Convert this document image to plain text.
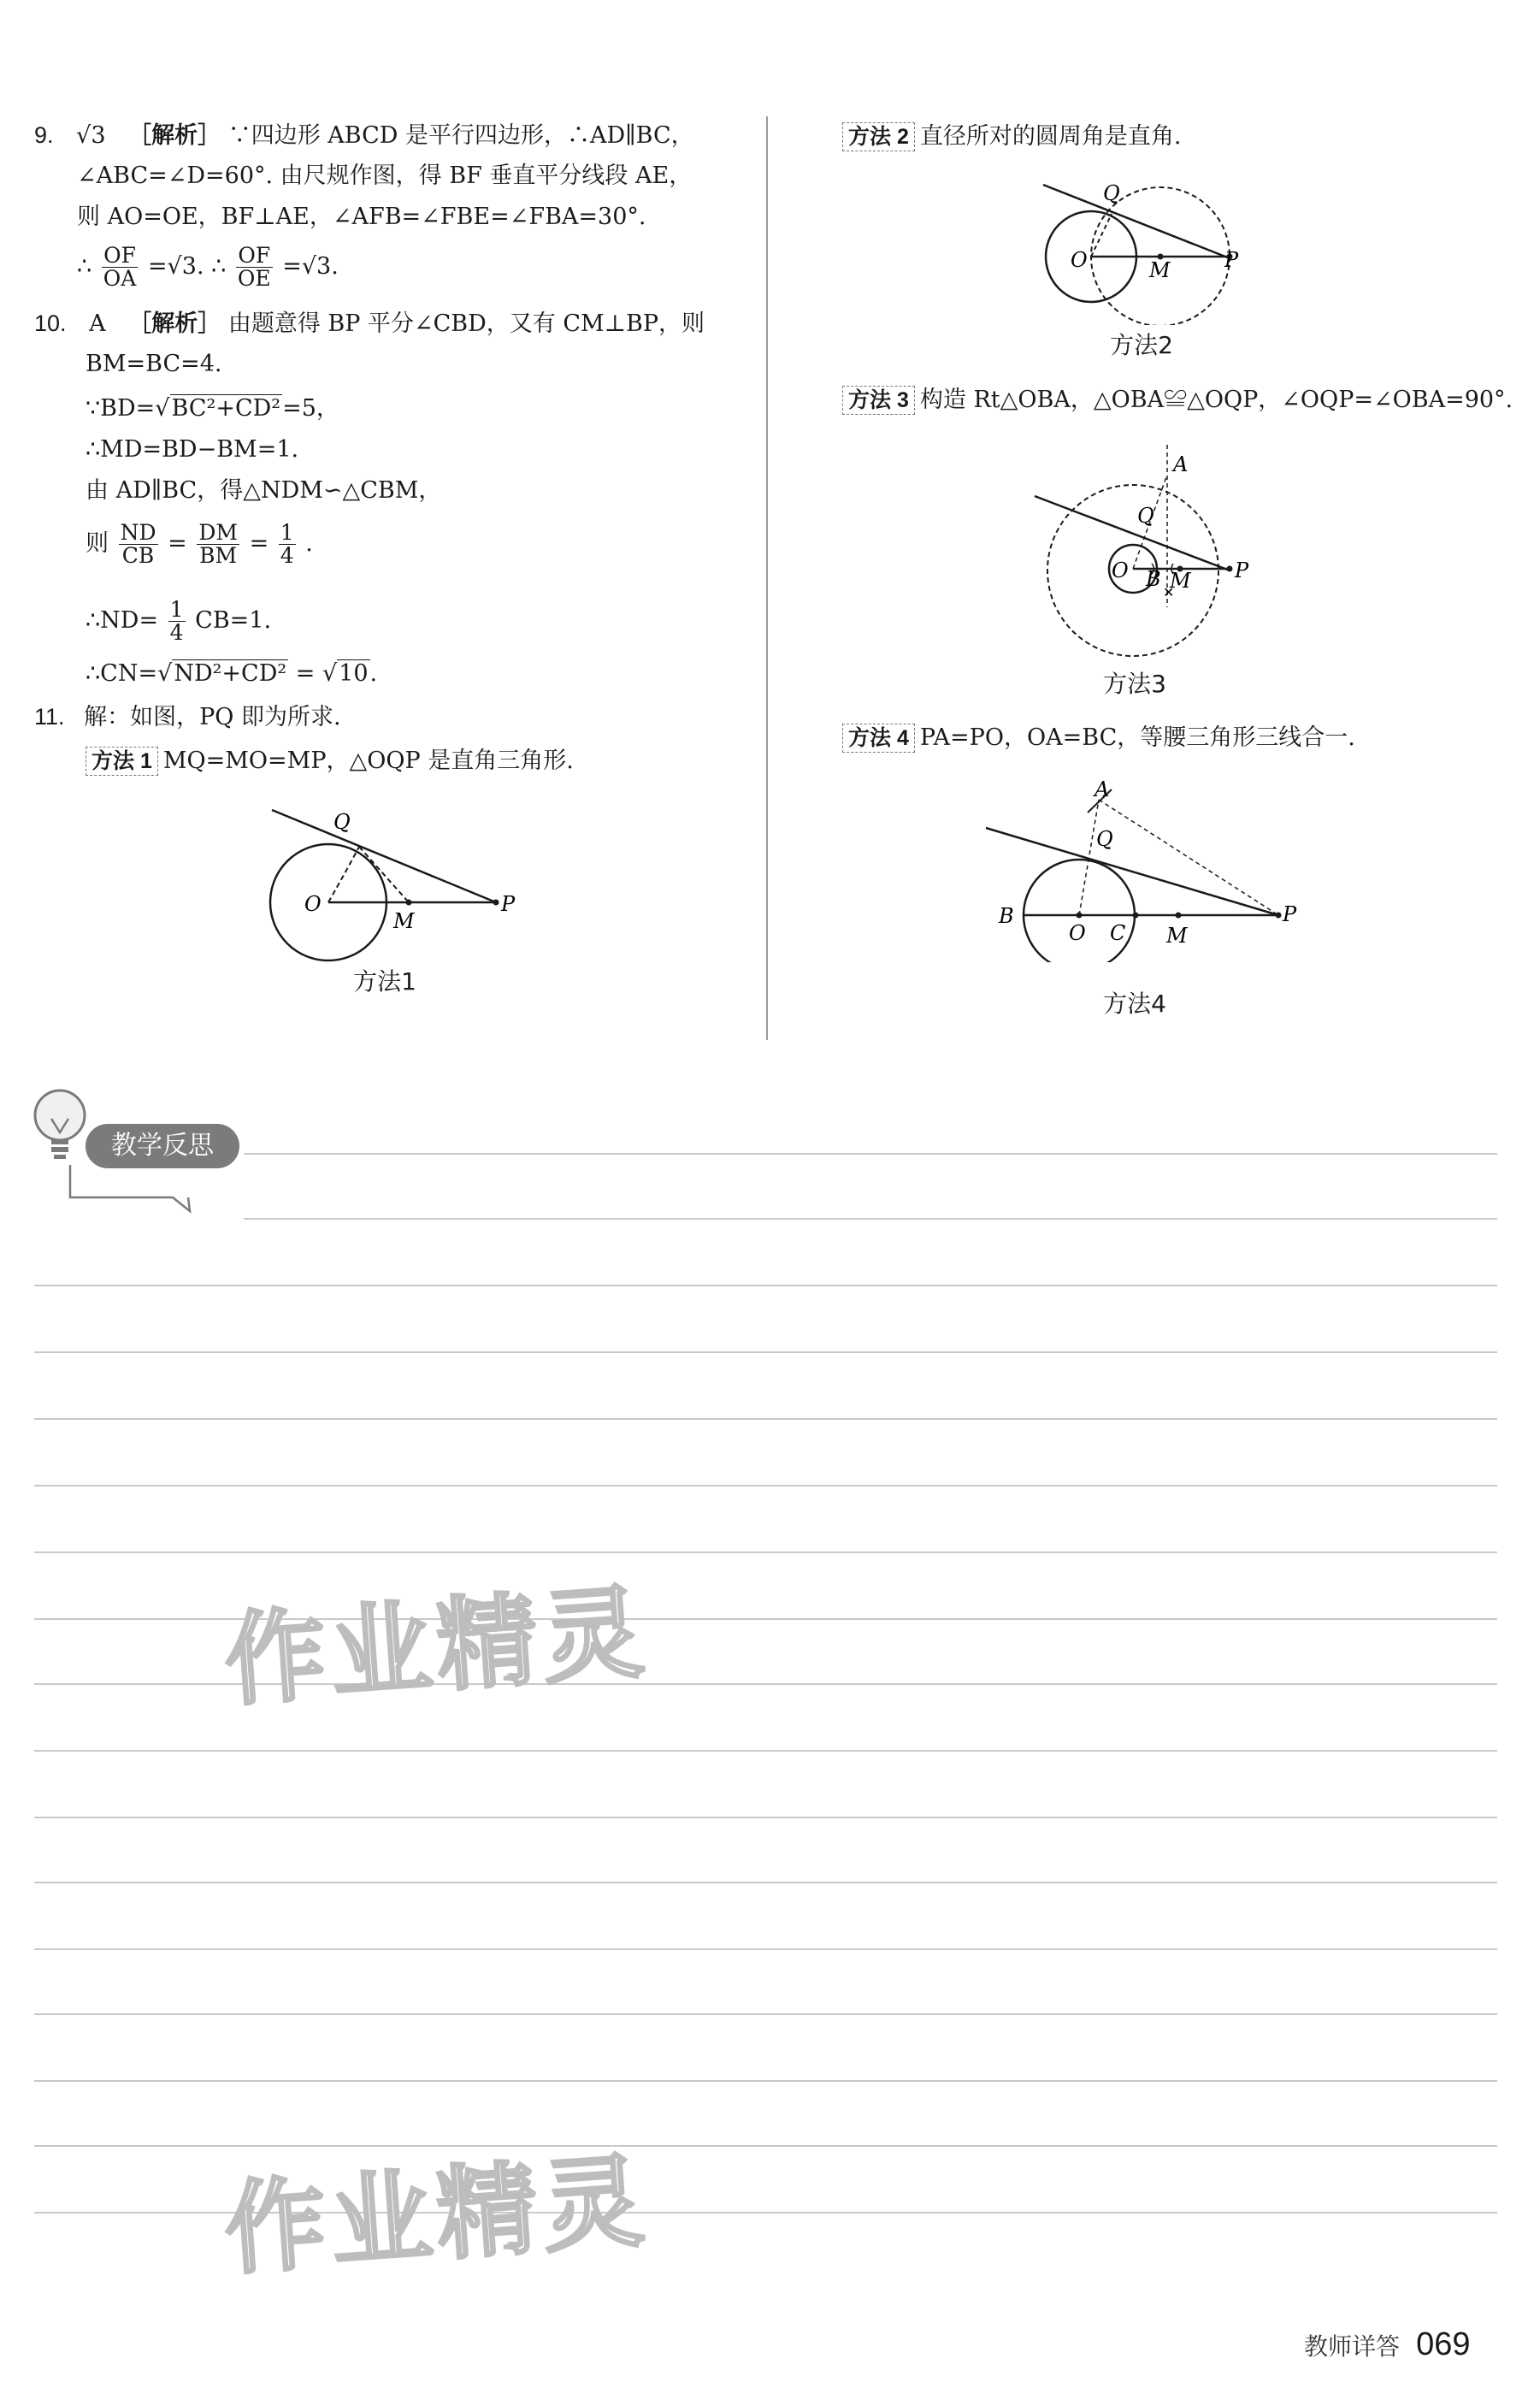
9. √3 ［解析］ ∵四边形 ABCD 是平行四边形，∴AD∥BC，
∠ABC=∠D=60°. 由尺规作图，得 BF 垂直平分线段 AE，
则 AO=OE，BF⊥AE，∠AFB=∠FBE=∠FBA=30°.
∴ $\frac{OF}{OA} =√3$. ∴ $\frac{OF}{OE} =√3$.
10. A ［解析］ 由题意得 BP 平分∠CBD，又有 CM⊥BP，则
BM=BC=4.
∵BD=√BC²+CD²=5，
∴MD=BD−BM=1.
由 AD∥BC，得△NDM∽△CBM，
则 $\frac{ND}{CB} = \frac{DM}{BM} = \frac{1}{4}$ .
∴ND= $\frac{1}{4} CB=1$.
∴CN=√ND²+CD² = √10.
11. 解：如图，PQ 即为所求.
方法 1 MQ=MO=MP，△OQP 是直角三角形.
Q
O
M
P
方法1
方法 2 直径所对的圆周角是直角.
Q
O	M	P
方法2
方法 3 构造 Rt△OBA，△OBA≌△OQP，∠OQP=∠OBA=90°.
✕
A
Q
O B M P
方法3
方法 4 PA=PO，OA=BC，等腰三角形三线合一.
A
Q
B
O C M
P
方法4
教学反思
作业精灵
作业精灵
教师详答 069
